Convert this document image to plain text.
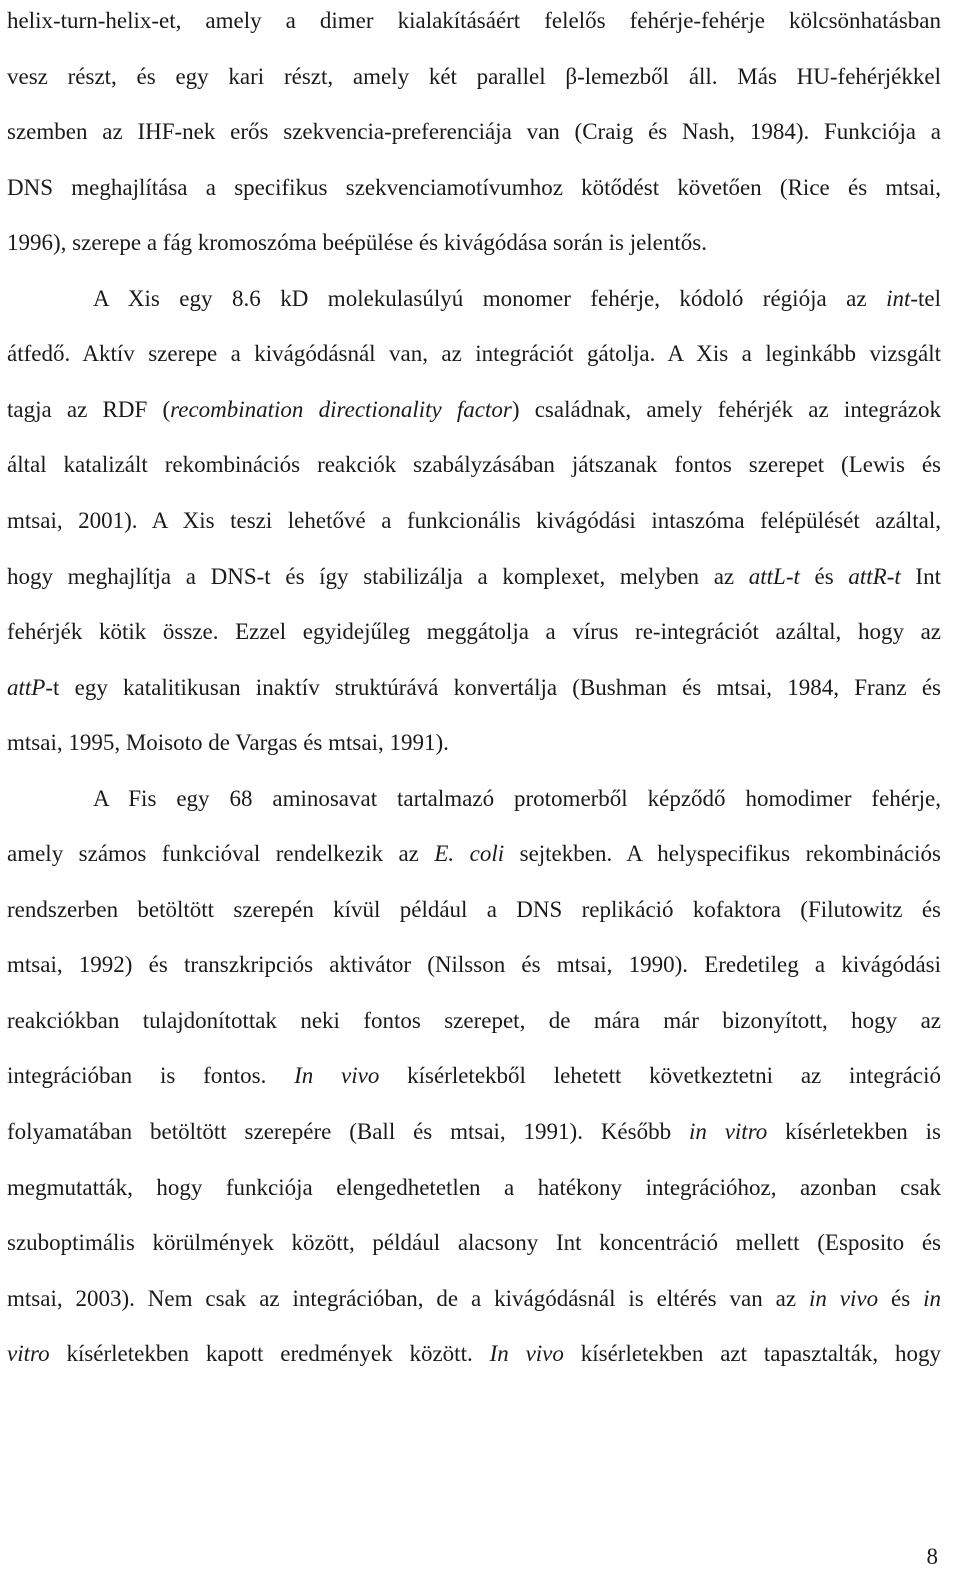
helix-turn-helix-et, amely a dimer kialakításáért felelős fehérje-fehérje kölcsönhatásban
vesz részt, és egy kari részt, amely két parallel β-lemezből áll. Más HU-fehérjékkel
szemben az IHF-nek erős szekvencia-preferenciája van (Craig és Nash, 1984). Funkciója a
DNS meghajlítása a specifikus szekvenciamotívumhoz kötődést követően (Rice és mtsai,
1996), szerepe a fág kromoszóma beépülése és kivágódása során is jelentős.
A Xis egy 8.6 kD molekulasúlyú monomer fehérje, kódoló régiója az int-tel
átfedő. Aktív szerepe a kivágódásnál van, az integrációt gátolja. A Xis a leginkább vizsgált
tagja az RDF (recombination directionality factor) családnak, amely fehérjék az integrázok
által katalizált rekombinációs reakciók szabályzásában játszanak fontos szerepet (Lewis és
mtsai, 2001). A Xis teszi lehetővé a funkcionális kivágódási intaszóma felépülését azáltal,
hogy meghajlítja a DNS-t és így stabilizálja a komplexet, melyben az attL-t és attR-t Int
fehérjék kötik össze. Ezzel egyidejűleg meggátolja a vírus re-integrációt azáltal, hogy az
attP-t egy katalitikusan inaktív struktúrává konvertálja (Bushman és mtsai, 1984, Franz és
mtsai, 1995, Moisoto de Vargas és mtsai, 1991).
A Fis egy 68 aminosavat tartalmazó protomerből képződő homodimer fehérje,
amely számos funkcióval rendelkezik az E. coli sejtekben. A helyspecifikus rekombinációs
rendszerben betöltött szerepén kívül például a DNS replikáció kofaktora (Filutowitz és
mtsai, 1992) és transzkripciós aktivátor (Nilsson és mtsai, 1990). Eredetileg a kivágódási
reakciókban tulajdonítottak neki fontos szerepet, de mára már bizonyított, hogy az
integrációban is fontos. In vivo kísérletekből lehetett következtetni az integráció
folyamatában betöltött szerepére (Ball és mtsai, 1991). Később in vitro kísérletekben is
megmutatták, hogy funkciója elengedhetetlen a hatékony integrációhoz, azonban csak
szuboptimális körülmények között, például alacsony Int koncentráció mellett (Esposito és
mtsai, 2003). Nem csak az integrációban, de a kivágódásnál is eltérés van az in vivo és in
vitro kísérletekben kapott eredmények között. In vivo kísérletekben azt tapasztalták, hogy
8
